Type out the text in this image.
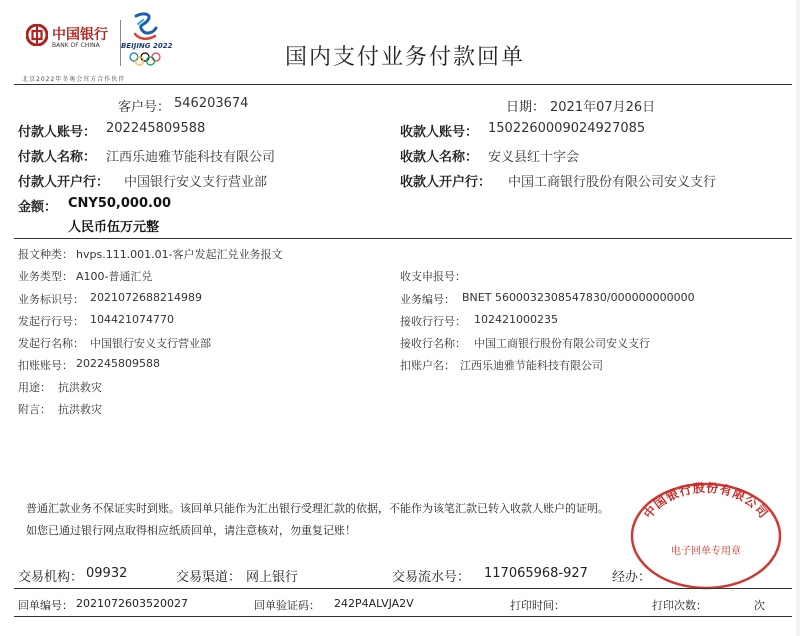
中国银行
BANK OF CHINA	BEIJING 2022
北京2022年冬奥会官方合作伙伴
国内支付业务付款回单
客户号： 546203674	日期： 2021年07月26日
付款人账号： 202245809588	收款人账号： 1502260009024927085
付款人名称： 江西乐迪雅节能科技有限公司	收款人名称： 安义县红十字会
付款人开户行： 中国银行安义支行营业部	收款人开户行： 中国工商银行股份有限公司安义支行
金额： CNY50,000.00
人民币伍万元整
报文种类： hvps.111.001.01-客户发起汇兑业务报文
业务类型： A100-普通汇兑	收支申报号：
业务标识号： 2021072688214989	业务编号： BNET 5600032308547830/000000000000
发起行行号： 104421074770	接收行行号： 102421000235
发起行名称： 中国银行安义支行营业部	接收行名称： 中国工商银行股份有限公司安义支行
扣账账号： 202245809588	扣账户名： 江西乐迪雅节能科技有限公司
用途： 抗洪救灾
附言： 抗洪救灾
普通汇款业务不保证实时到账。该回单只能作为汇出银行受理汇款的依据，不能作为该笔汇款已转入收款人账户的证明。
如您已通过银行网点取得相应纸质回单，请注意核对，勿重复记账！
中国银行股份有限公司
电子回单专用章
交易机构： 09932	交易渠道： 网上银行	交易流水号： 117065968-927 经办：
回单编号： 2021072603520027	回单验证码： 242P4ALVJA2V	打印时间：	打印次数：	次
